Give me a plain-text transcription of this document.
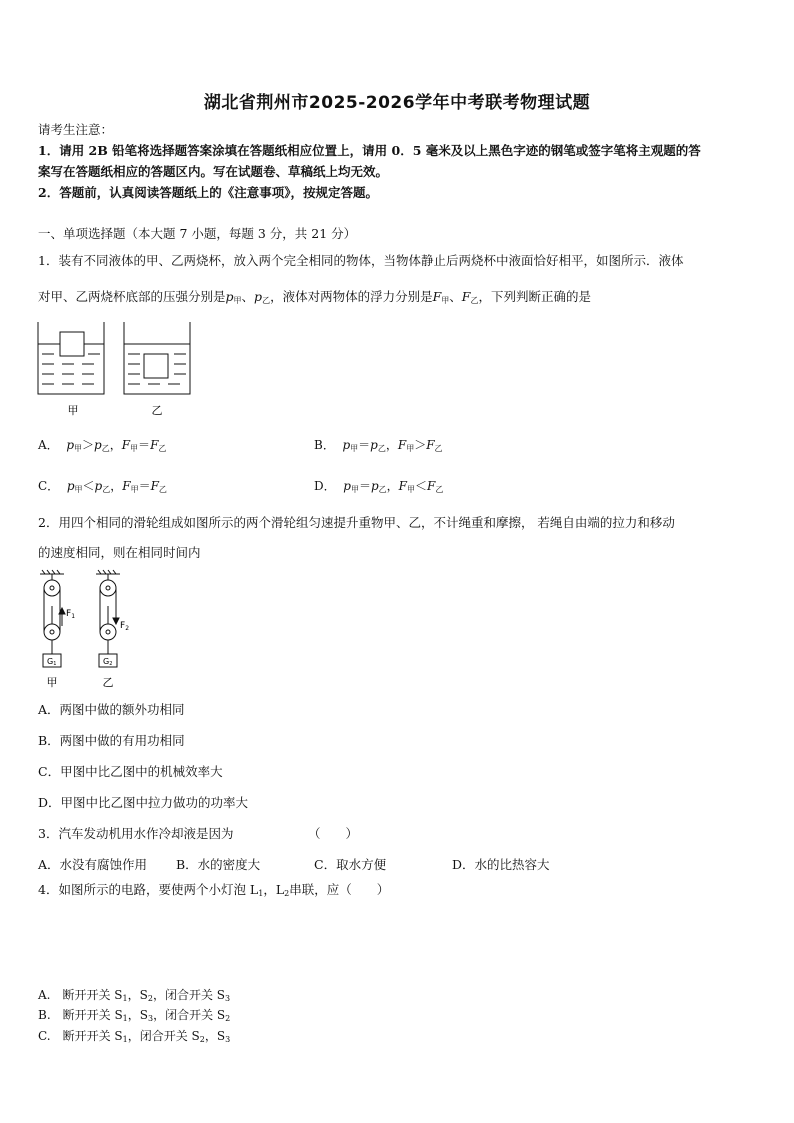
湖北省荆州市2025-2026学年中考联考物理试题
请考生注意：
1．请用 2B 铅笔将选择题答案涂填在答题纸相应位置上，请用 0．5 毫米及以上黑色字迹的钢笔或签字笔将主观题的答
案写在答题纸相应的答题区内。写在试题卷、草稿纸上均无效。
2．答题前，认真阅读答题纸上的《注意事项》，按规定答题。
一、单项选择题（本大题 7 小题，每题 3 分，共 21 分）
1．装有不同液体的甲、乙两烧杯，放入两个完全相同的物体，当物体静止后两烧杯中液面恰好相平，如图所示．液体
对甲、乙两烧杯底部的压强分别是$p_甲$、$p_乙$，液体对两物体的浮力分别是$F_甲$、$F_乙$，下列判断正确的是
甲	乙
A． $p_甲>p_乙$，$F_甲=F_乙$	B． $p_甲=p_乙$，$F_甲>F_乙$
C． $p_甲<p_乙$，$F_甲=F_乙$	D． $p_甲=p_乙$，$F_甲<F_乙$
2．用四个相同的滑轮组成如图所示的两个滑轮组匀速提升重物甲、乙，不计绳重和摩擦， 若绳自由端的拉力和移动
的速度相同，则在相同时间内
$F_1$
$F_2$
G1	G2
甲	乙
A．两图中做的额外功相同
B．两图中做的有用功相同
C．甲图中比乙图中的机械效率大
D．甲图中比乙图中拉力做功的功率大
3．汽车发动机用水作冷却液是因为	（　　）
A．水没有腐蚀作用 B．水的密度大	C．取水方便	D．水的比热容大
4．如图所示的电路，要使两个小灯泡 $L_1$，$L_2$串联，应（　　）
A.　断开开关 $S_1$，$S_2$，闭合开关 $S_3$
B.　断开开关 $S_1$，$S_3$，闭合开关 $S_2$
C.　断开开关 $S_1$，闭合开关 $S_2$，$S_3$
